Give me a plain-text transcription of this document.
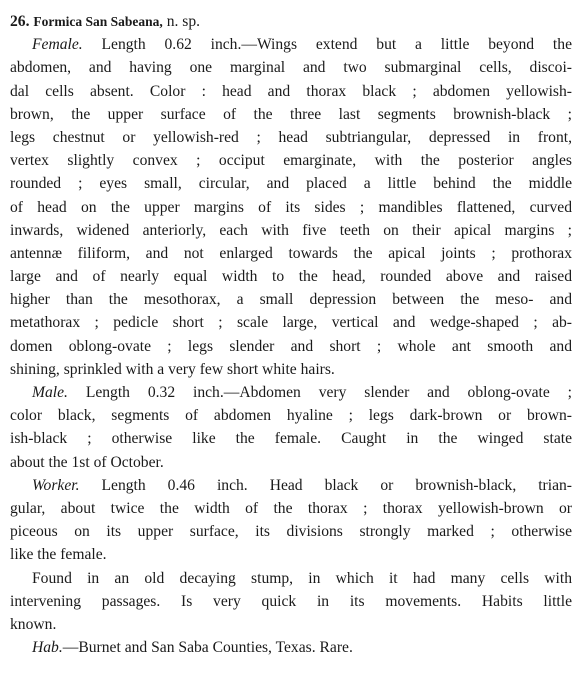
26. Formica San Sabeana, n. sp.
Female. Length 0.62 inch.—Wings extend but a little beyond the
abdomen, and having one marginal and two submarginal cells, discoi-
dal cells absent. Color : head and thorax black ; abdomen yellowish-
brown, the upper surface of the three last segments brownish-black ;
legs chestnut or yellowish-red ; head subtriangular, depressed in front,
vertex slightly convex ; occiput emarginate, with the posterior angles
rounded ; eyes small, circular, and placed a little behind the middle
of head on the upper margins of its sides ; mandibles flattened, curved
inwards, widened anteriorly, each with five teeth on their apical margins ;
antennæ filiform, and not enlarged towards the apical joints ; prothorax
large and of nearly equal width to the head, rounded above and raised
higher than the mesothorax, a small depression between the meso- and
metathorax ; pedicle short ; scale large, vertical and wedge-shaped ; ab-
domen oblong-ovate ; legs slender and short ; whole ant smooth and
shining, sprinkled with a very few short white hairs.
Male. Length 0.32 inch.—Abdomen very slender and oblong-ovate ;
color black, segments of abdomen hyaline ; legs dark-brown or brown-
ish-black ; otherwise like the female. Caught in the winged state
about the 1st of October.
Worker. Length 0.46 inch. Head black or brownish-black, trian-
gular, about twice the width of the thorax ; thorax yellowish-brown or
piceous on its upper surface, its divisions strongly marked ; otherwise
like the female.
Found in an old decaying stump, in which it had many cells with
intervening passages. Is very quick in its movements. Habits little
known.
Hab.—Burnet and San Saba Counties, Texas. Rare.
